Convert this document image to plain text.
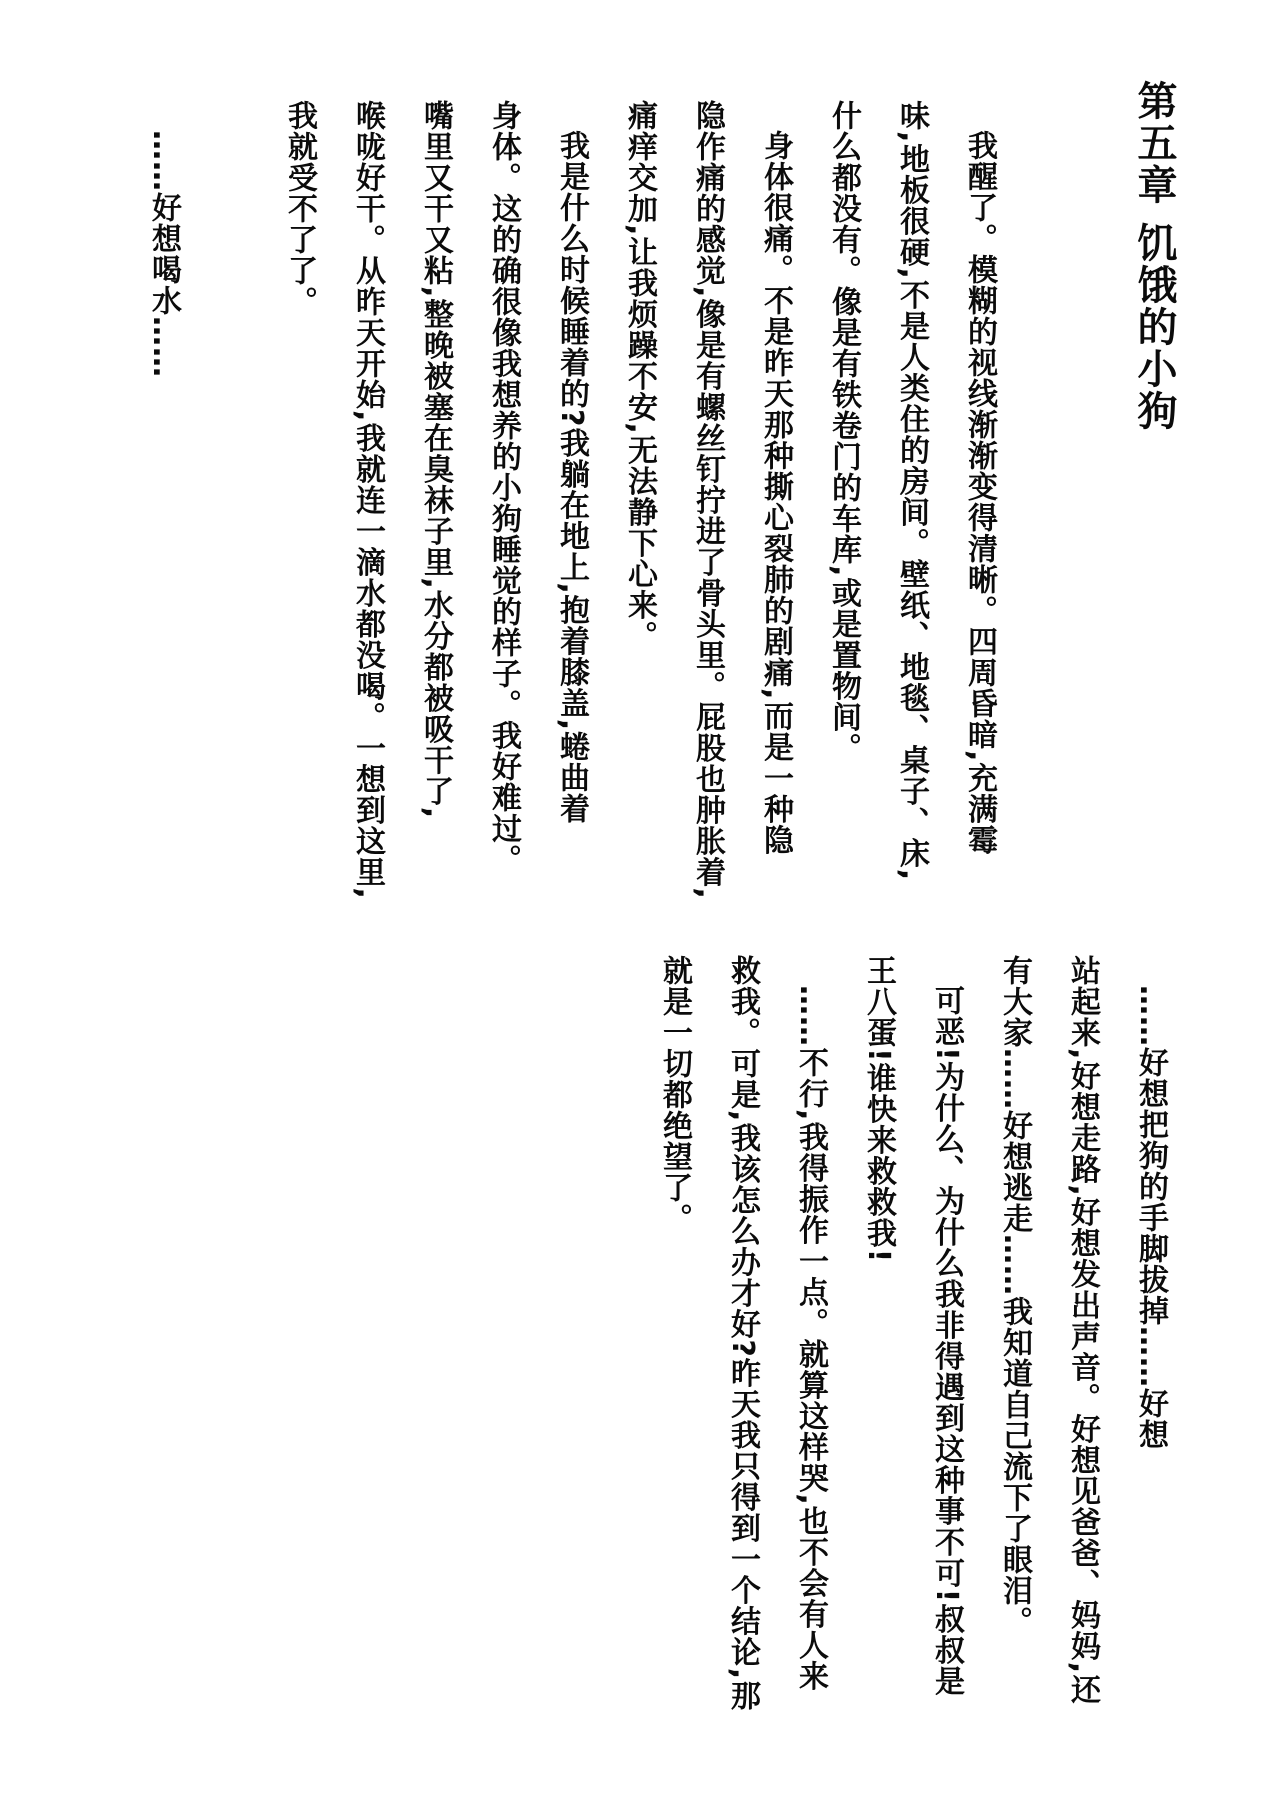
第五章 饥饿的小狗
我醒了。模糊的视线渐渐变得清晰。四周昏暗,充满霉
味,地板很硬,不是人类住的房间。壁纸、地毯、桌子、床,
什么都没有。像是有铁卷门的车库,或是置物间。
身体很痛。不是昨天那种撕心裂肺的剧痛,而是一种隐
隐作痛的感觉,像是有螺丝钉拧进了骨头里。屁股也肿胀着,
痛痒交加,让我烦躁不安,无法静下心来。
我是什么时候睡着的?我躺在地上,抱着膝盖,蜷曲着
身体。这的确很像我想养的小狗睡觉的样子。我好难过。
嘴里又干又粘,整晚被塞在臭袜子里,水分都被吸干了,
喉咙好干。从昨天开始,我就连一滴水都没喝。一想到这里,
我就受不了了。
……好想喝水……
……好想把狗的手脚拔掉……好想
站起来,好想走路,好想发出声音。好想见爸爸、妈妈,还
有大家……好想逃走……我知道自己流下了眼泪。
可恶!为什么、为什么我非得遇到这种事不可!叔叔是
王八蛋!谁快来救救我!
……不行,我得振作一点。就算这样哭,也不会有人来
救我。可是,我该怎么办才好?昨天我只得到一个结论,那
就是一切都绝望了。
